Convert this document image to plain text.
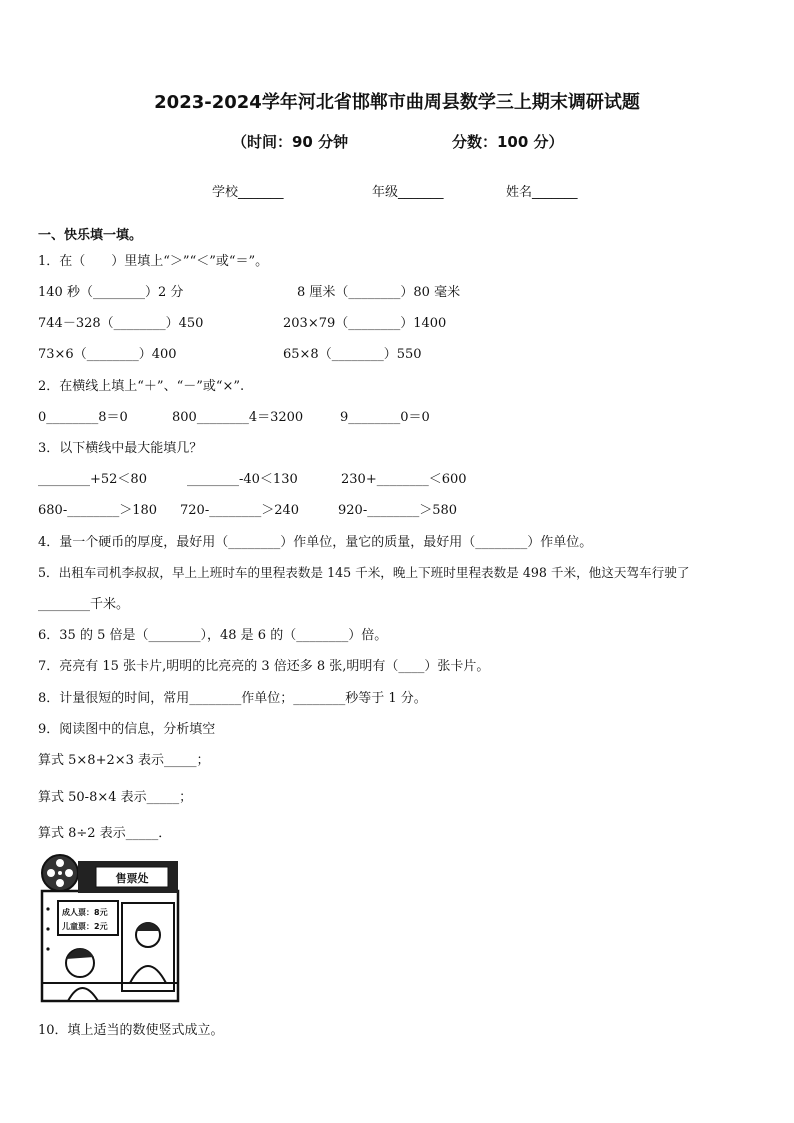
2023-2024学年河北省邯郸市曲周县数学三上期末调研试题
（时间：90 分钟	分数：100 分）
学校_______	年级_______	姓名_______
一、快乐填一填。
1．在（　　）里填上“＞”“＜”或“＝”。
140 秒（________）2 分	8 厘米（________）80 毫米
744－328（________）450	203×79（________）1400
73×6（________）400	65×8（________）550
2．在横线上填上“＋”、“－”或“×”.
0________8＝0	800________4＝3200	9________0＝0
3．以下横线中最大能填几？
________+52＜80	________-40＜130	230+________＜600
680-________＞180 720-________＞240	920-________＞580
4．量一个硬币的厚度，最好用（________）作单位，量它的质量，最好用（________）作单位。
5．出租车司机李叔叔，早上上班时车的里程表数是 145 千米，晚上下班时里程表数是 498 千米，他这天驾车行驶了
________千米。
6．35 的 5 倍是（________），48 是 6 的（________）倍。
7．亮亮有 15 张卡片,明明的比亮亮的 3 倍还多 8 张,明明有（____）张卡片。
8．计量很短的时间，常用________作单位；________秒等于 1 分。
9．阅读图中的信息，分析填空
算式 5×8+2×3 表示_____；
算式 50-8×4 表示_____；
算式 8÷2 表示_____．
售票处
成人票：8元
儿童票：2元
10．填上适当的数使竖式成立。
